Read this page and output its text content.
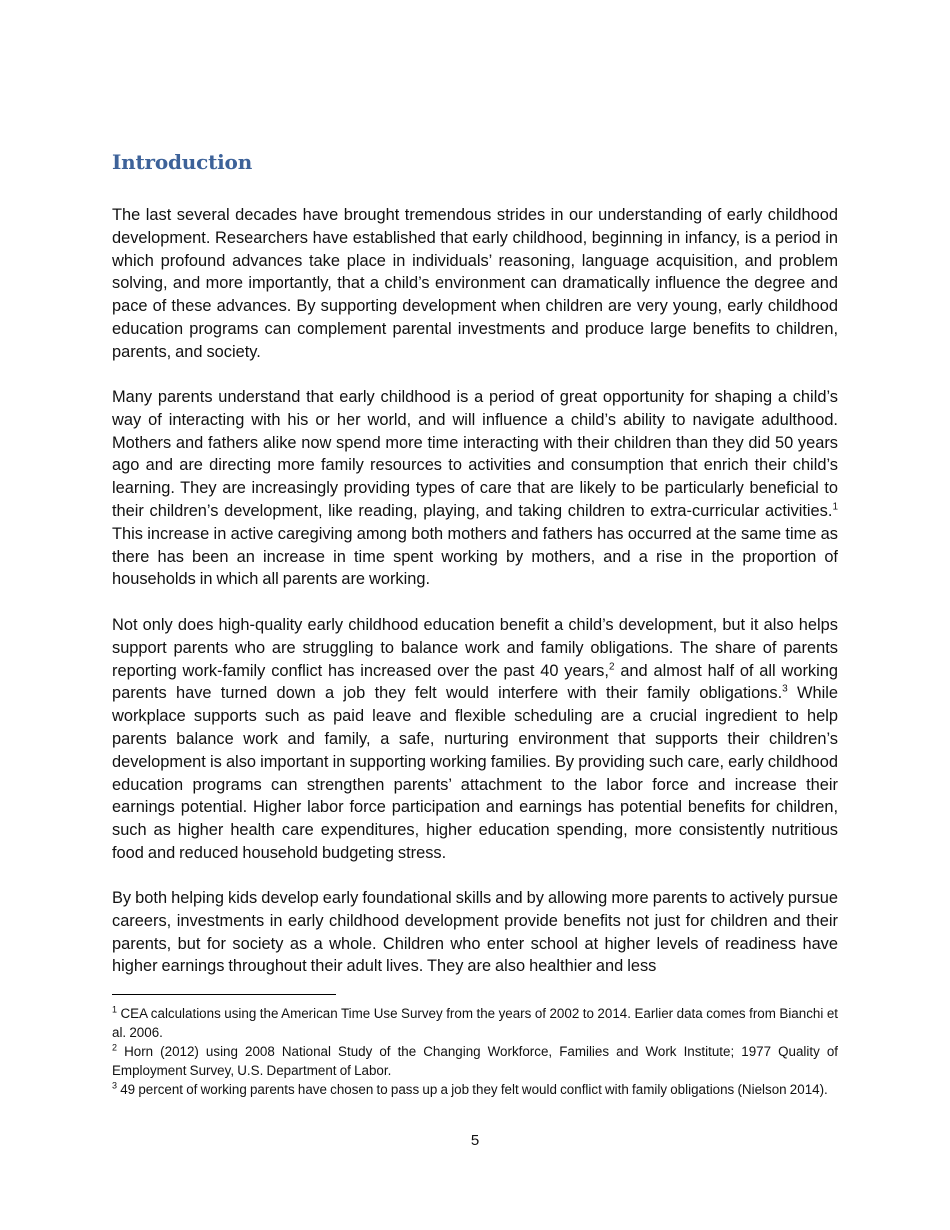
Introduction

The last several decades have brought tremendous strides in our understanding of early childhood development. Researchers have established that early childhood, beginning in infancy, is a period in which profound advances take place in individuals’ reasoning, language acquisition, and problem solving, and more importantly, that a child’s environment can dramatically influence the degree and pace of these advances. By supporting development when children are very young, early childhood education programs can complement parental investments and produce large benefits to children, parents, and society.

Many parents understand that early childhood is a period of great opportunity for shaping a child’s way of interacting with his or her world, and will influence a child’s ability to navigate adulthood. Mothers and fathers alike now spend more time interacting with their children than they did 50 years ago and are directing more family resources to activities and consumption that enrich their child’s learning. They are increasingly providing types of care that are likely to be particularly beneficial to their children’s development, like reading, playing, and taking children to extra-curricular activities.$^1$ This increase in active caregiving among both mothers and fathers has occurred at the same time as there has been an increase in time spent working by mothers, and a rise in the proportion of households in which all parents are working.

Not only does high-quality early childhood education benefit a child’s development, but it also helps support parents who are struggling to balance work and family obligations. The share of parents reporting work-family conflict has increased over the past 40 years,$^2$ and almost half of all working parents have turned down a job they felt would interfere with their family obligations.$^3$ While workplace supports such as paid leave and flexible scheduling are a crucial ingredient to help parents balance work and family, a safe, nurturing environment that supports their children’s development is also important in supporting working families. By providing such care, early childhood education programs can strengthen parents’ attachment to the labor force and increase their earnings potential. Higher labor force participation and earnings has potential benefits for children, such as higher health care expenditures, higher education spending, more consistently nutritious food and reduced household budgeting stress.

By both helping kids develop early foundational skills and by allowing more parents to actively pursue careers, investments in early childhood development provide benefits not just for children and their parents, but for society as a whole. Children who enter school at higher levels of readiness have higher earnings throughout their adult lives. They are also healthier and less

$^1$ CEA calculations using the American Time Use Survey from the years of 2002 to 2014. Earlier data comes from Bianchi et al. 2006.

$^2$ Horn (2012) using 2008 National Study of the Changing Workforce, Families and Work Institute; 1977 Quality of Employment Survey, U.S. Department of Labor.

$^3$ 49 percent of working parents have chosen to pass up a job they felt would conflict with family obligations (Nielson 2014).

5
